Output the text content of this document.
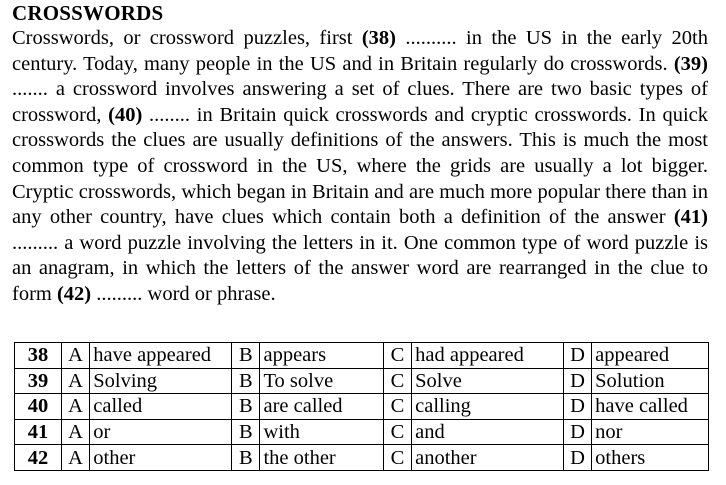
CROSSWORDS

Crosswords, or crossword puzzles, first (38) .......... in the US in the early 20th century. Today, many people in the US and in Britain regularly do crosswords. (39) ....... a crossword involves answering a set of clues. There are two basic types of crossword, (40) ........ in Britain quick crosswords and cryptic crosswords. In quick crosswords the clues are usually definitions of the answers. This is much the most common type of crossword in the US, where the grids are usually a lot bigger. Cryptic crosswords, which began in Britain and are much more popular there than in any other country, have clues which contain both a definition of the answer (41) ......... a word puzzle involving the letters in it. One common type of word puzzle is an anagram, in which the letters of the answer word are rearranged in the clue to form (42) ......... word or phrase.

38	A	have appeared	B	appears	C	had appeared	D	appeared
39	A	Solving	B	To solve	C	Solve	D	Solution
40	A	called	B	are called	C	calling	D	have called
41	A	or	B	with	C	and	D	nor
42	A	other	B	the other	C	another	D	others
